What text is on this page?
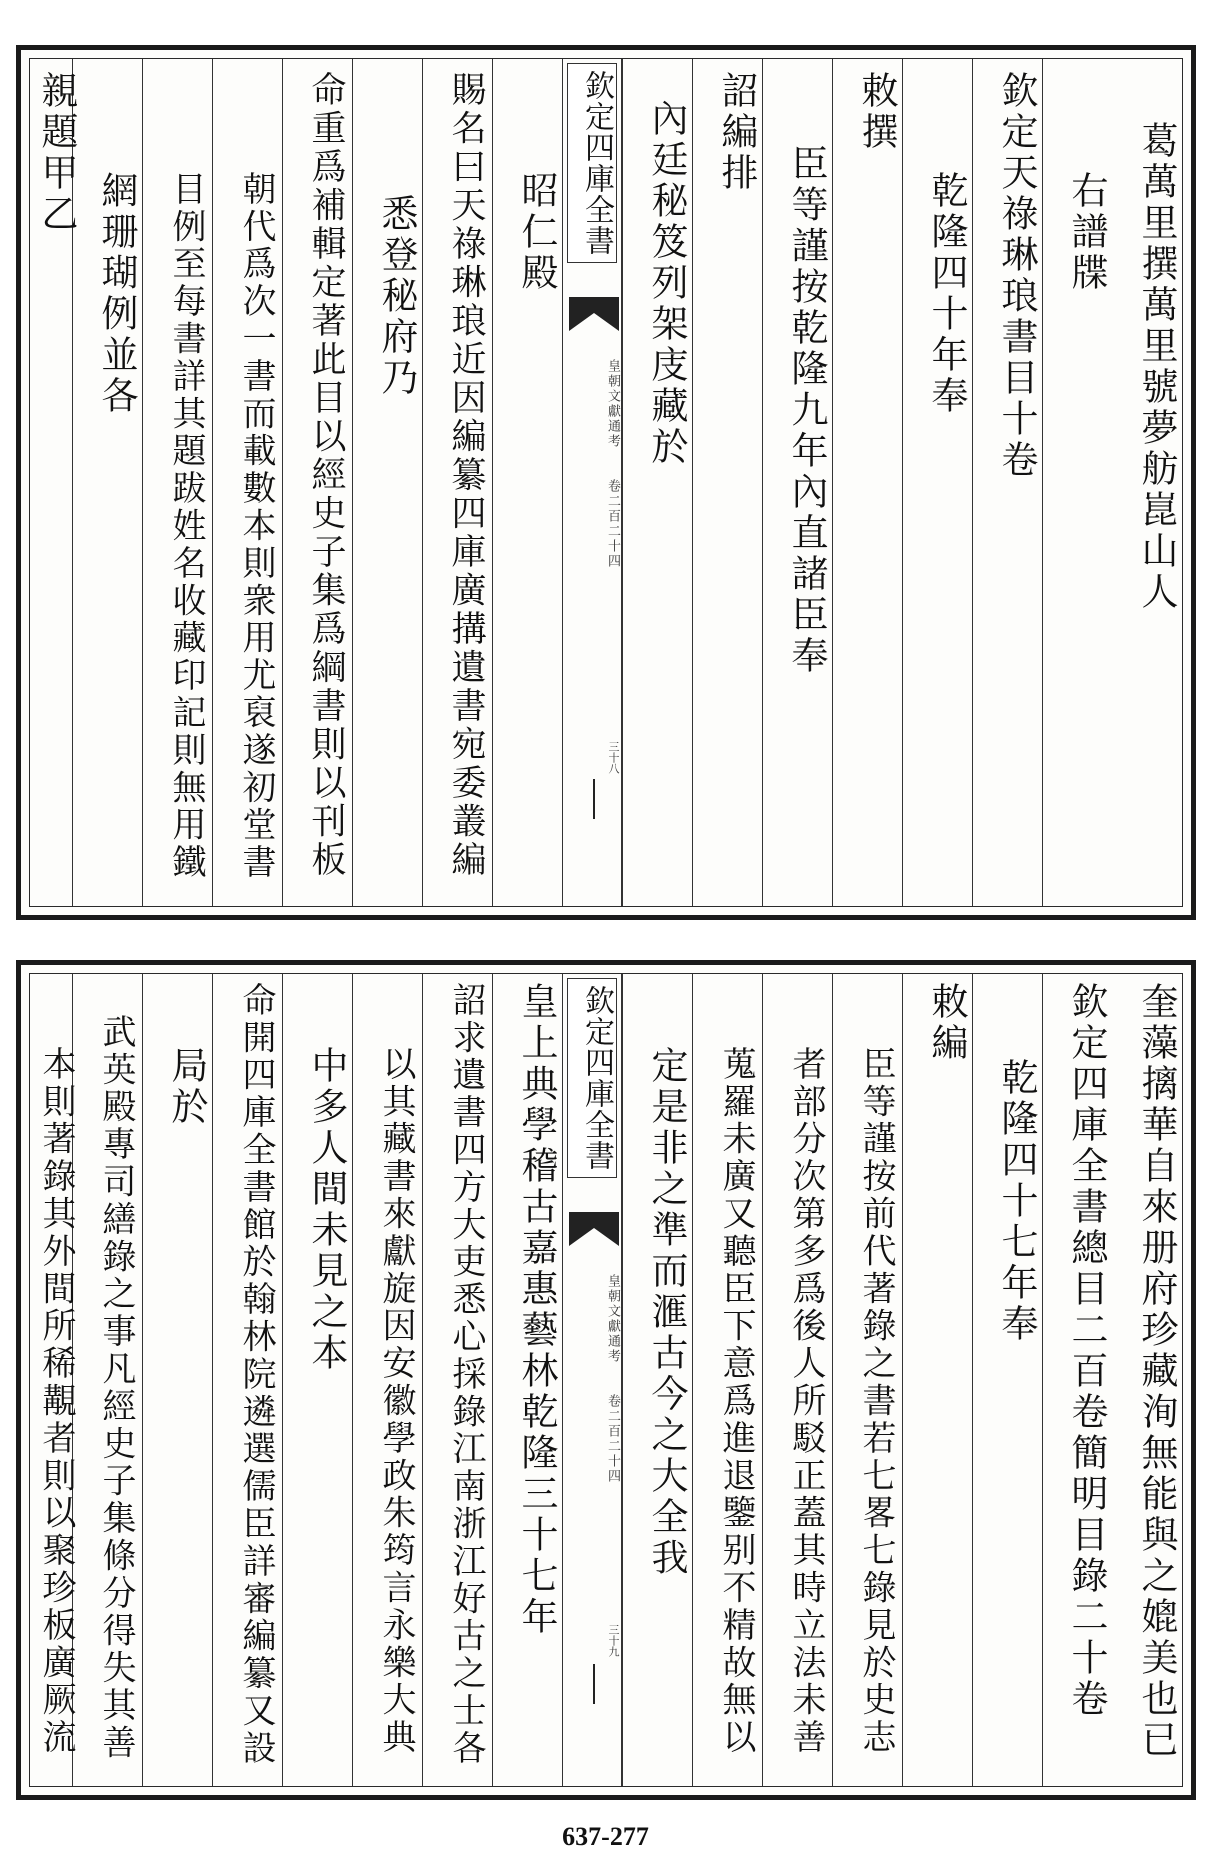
葛萬里撰萬里號夢舫崑山人
右譜牒
欽定天祿琳琅書目十卷
乾隆四十年奉
敕撰
臣等謹按乾隆九年內直諸臣奉
詔編排
內廷秘笈列架庋藏於
欽定四庫全書
皇朝文獻通考
卷二百二十四
三十八
昭仁殿
賜名曰天祿琳琅近因編纂四庫廣搆遺書宛委叢編
悉登秘府乃
命重爲補輯定著此目以經史子集爲綱書則以刊板
朝代爲次一書而載數本則衆用尤裒遂初堂書
目例至每書詳其題跋姓名收藏印記則無用鐵
網珊瑚例並各
親題甲乙
奎藻摛華自來册府珍藏洵無能與之媲美也已
欽定四庫全書總目二百卷簡明目錄二十卷
乾隆四十七年奉
敕編
臣等謹按前代著錄之書若七畧七錄見於史志
者部分次第多爲後人所駁正蓋其時立法未善
蒐羅未廣又聽臣下意爲進退鑒别不精故無以
定是非之準而滙古今之大全我
欽定四庫全書
皇朝文獻通考
卷二百二十四
三十九
皇上典學稽古嘉惠藝林乾隆三十七年
詔求遺書四方大吏悉心採錄江南浙江好古之士各
以其藏書來獻旋因安徽學政朱筠言永樂大典
中多人間未見之本
命開四庫全書館於翰林院遴選儒臣詳審編纂又設
局於
武英殿專司繕錄之事凡經史子集條分得失其善
本則著錄其外間所稀覯者則以聚珍板廣厥流
637-277
